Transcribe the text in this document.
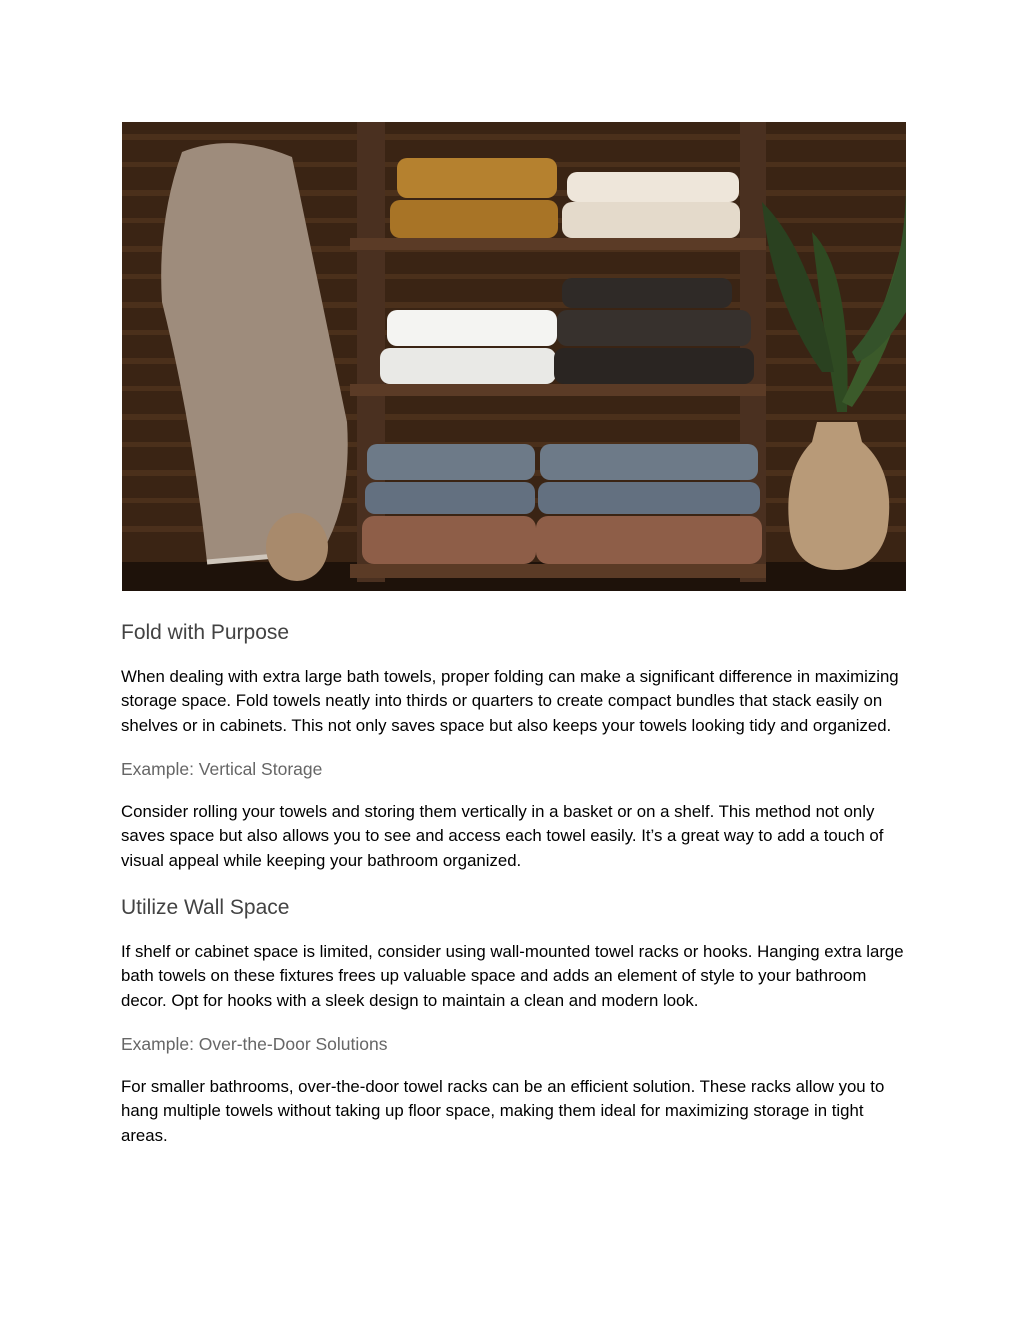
Fold with Purpose

When dealing with extra large bath towels, proper folding can make a significant difference in maximizing storage space. Fold towels neatly into thirds or quarters to create compact bundles that stack easily on shelves or in cabinets. This not only saves space but also keeps your towels looking tidy and organized.

Example: Vertical Storage

Consider rolling your towels and storing them vertically in a basket or on a shelf. This method not only saves space but also allows you to see and access each towel easily. It’s a great way to add a touch of visual appeal while keeping your bathroom organized.

Utilize Wall Space

If shelf or cabinet space is limited, consider using wall-mounted towel racks or hooks. Hanging extra large bath towels on these fixtures frees up valuable space and adds an element of style to your bathroom decor. Opt for hooks with a sleek design to maintain a clean and modern look.

Example: Over-the-Door Solutions

For smaller bathrooms, over-the-door towel racks can be an efficient solution. These racks allow you to hang multiple towels without taking up floor space, making them ideal for maximizing storage in tight areas.
